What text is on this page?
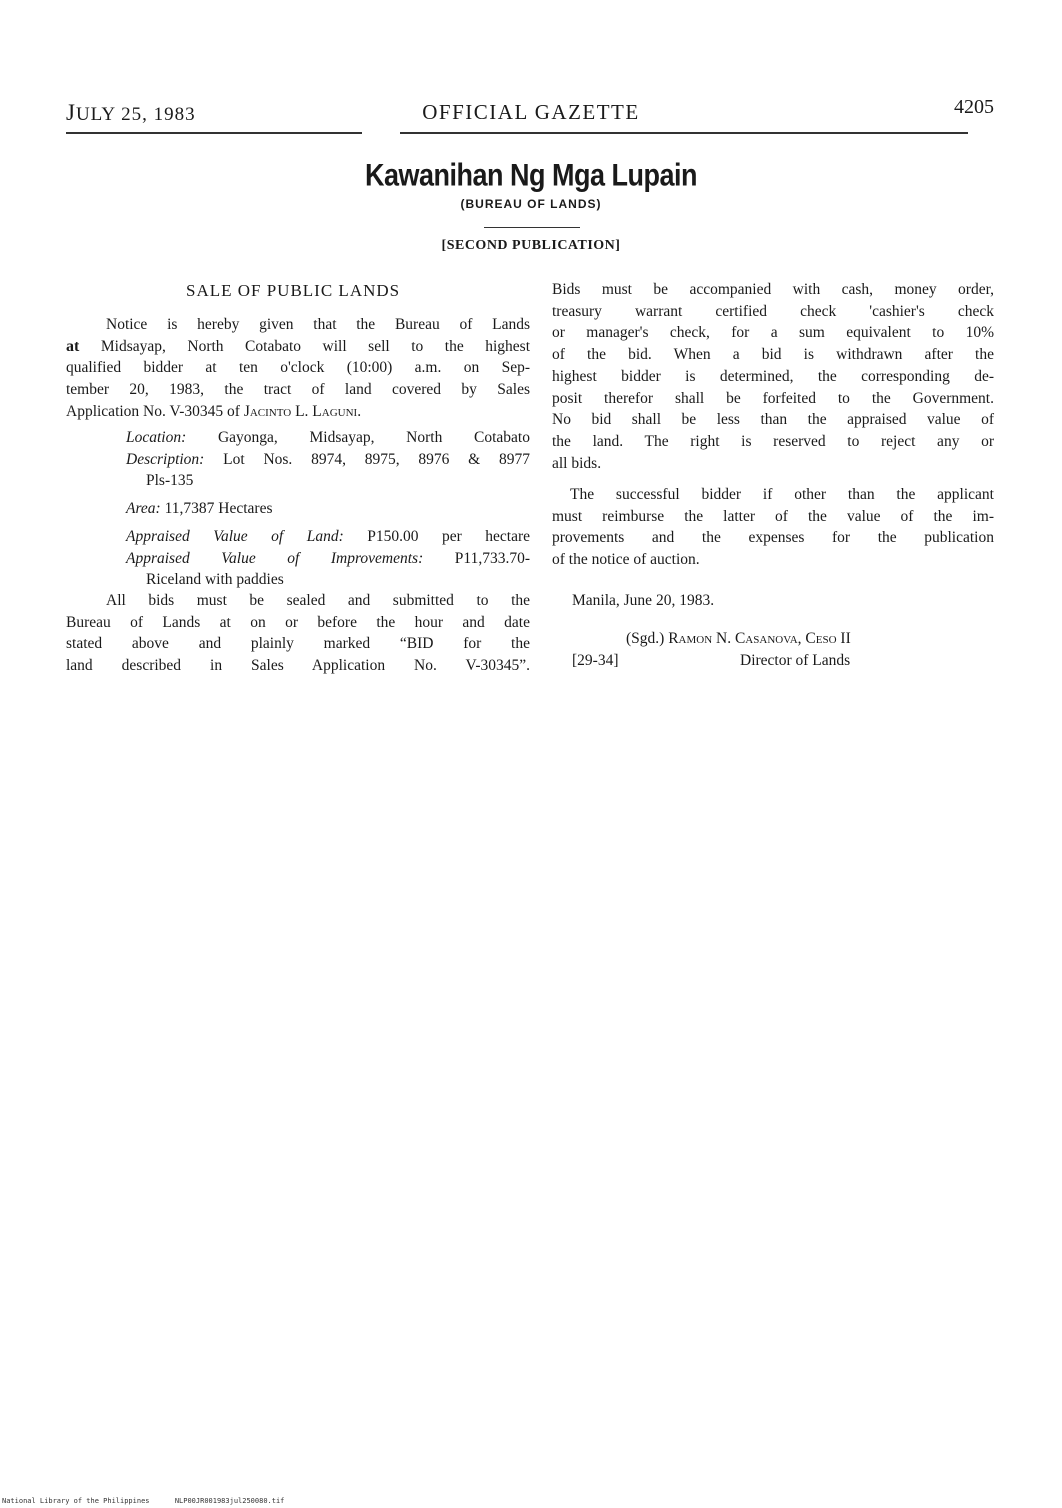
JULY 25, 1983	OFFICIAL GAZETTE	4205
Kawanihan Ng Mga Lupain
(BUREAU OF LANDS)
[SECOND PUBLICATION]
SALE OF PUBLIC LANDS

Notice is hereby given that the Bureau of Lands

at Midsayap, North Cotabato will sell to the highest

qualified bidder at ten o'clock (10:00) a.m. on Sep-

tember 20, 1983, the tract of land covered by Sales

Application No. V-30345 of Jacinto L. Laguni.

Location: Gayonga, Midsayap, North Cotabato

Description: Lot Nos. 8974, 8975, 8976 & 8977

Pls-135

Area: 11,7387 Hectares

Appraised Value of Land: P150.00 per hectare

Appraised Value of Improvements: P11,733.70-

Riceland with paddies

All bids must be sealed and submitted to the

Bureau of Lands at on or before the hour and date

stated above and plainly marked “BID for the

land described in Sales Application No. V-30345”.

Bids must be accompanied with cash, money order,

treasury warrant certified check 'cashier's check

or manager's check, for a sum equivalent to 10%

of the bid. When a bid is withdrawn after the

highest bidder is determined, the corresponding de-

posit therefor shall be forfeited to the Government.

No bid shall be less than the appraised value of

the land. The right is reserved to reject any or

all bids.

The successful bidder if other than the applicant

must reimburse the latter of the value of the im-

provements and the expenses for the publication

of the notice of auction.

Manila, June 20, 1983.
(Sgd.) Ramon N. Casanova, Ceso II
[29-34]	Director of Lands
National Library of the Philippines	NLP00JR001983jul250080.tif
